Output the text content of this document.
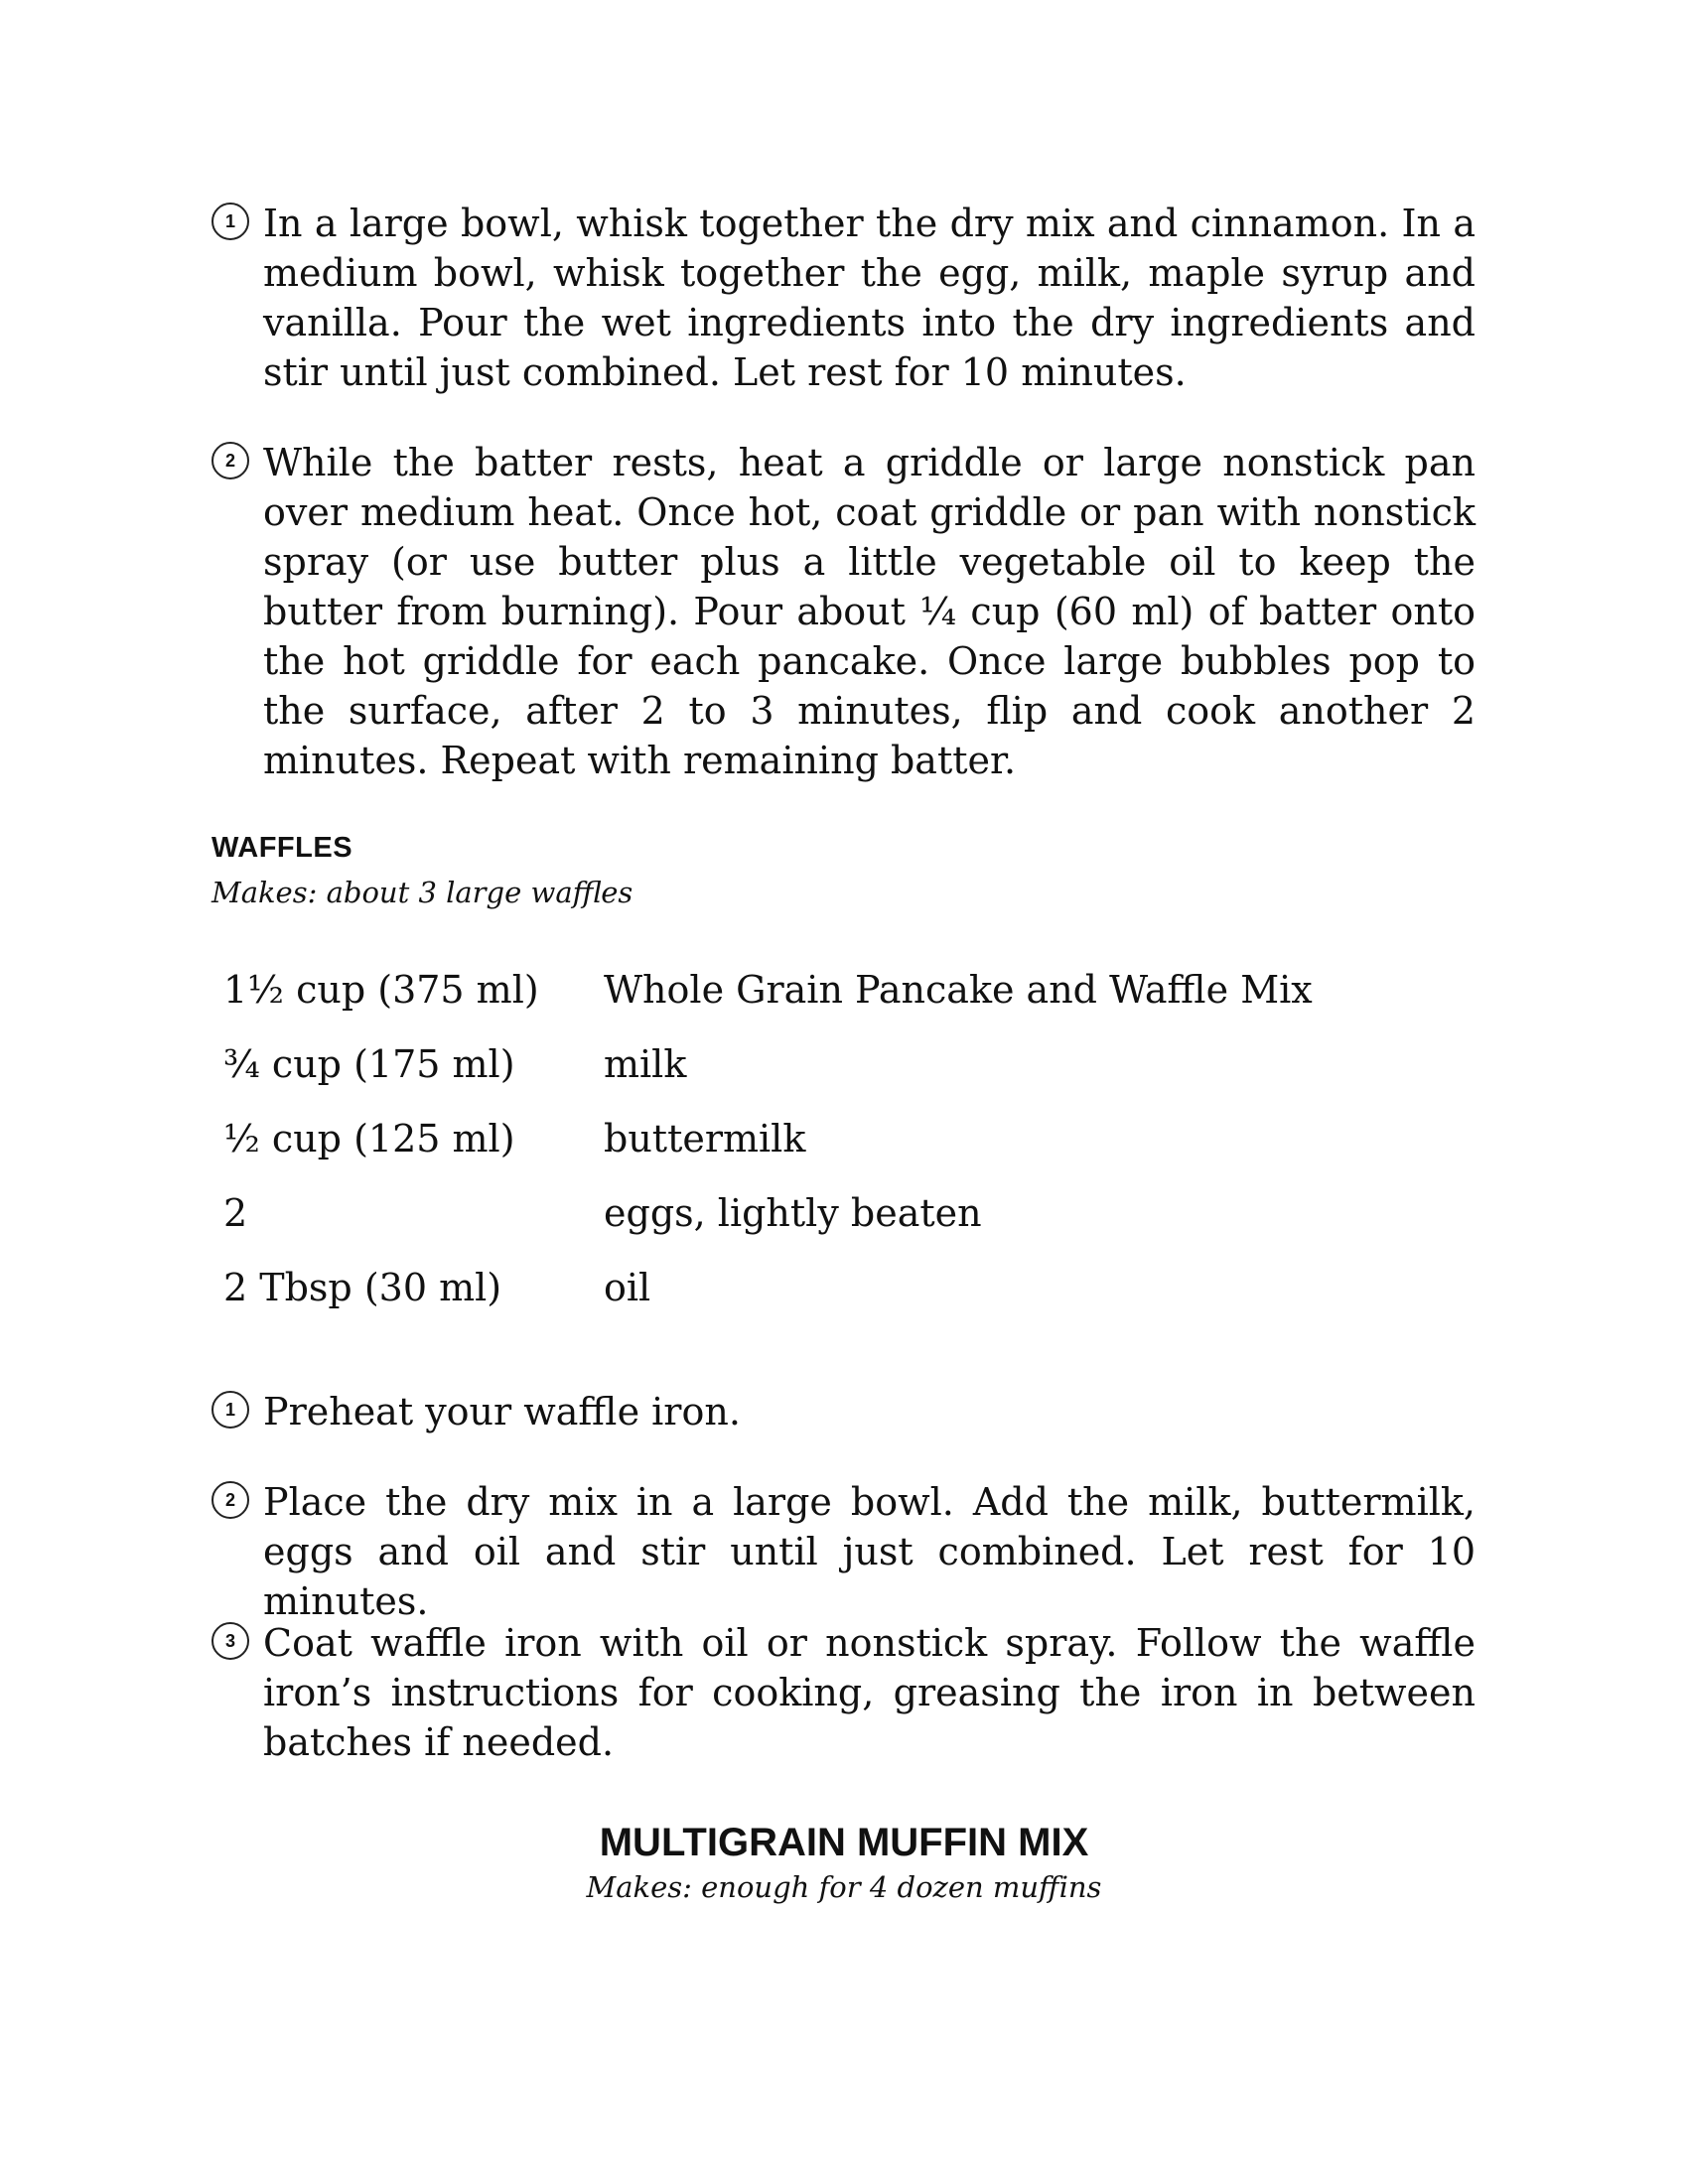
1 In a large bowl, whisk together the dry mix and cinnamon. In a medium bowl, whisk together the egg, milk, maple syrup and vanilla. Pour the wet ingredients into the dry ingredients and stir until just combined. Let rest for 10 minutes.
2 While the batter rests, heat a griddle or large nonstick pan over medium heat. Once hot, coat griddle or pan with nonstick spray (or use butter plus a little vegetable oil to keep the butter from burning). Pour about ¼ cup (60 ml) of batter onto the hot griddle for each pancake. Once large bubbles pop to the surface, after 2 to 3 minutes, flip and cook another 2 minutes. Repeat with remaining batter.
WAFFLES
Makes: about 3 large waffles
1½ cup (375 ml) Whole Grain Pancake and Waffle Mix
¾ cup (175 ml) milk
½ cup (125 ml) buttermilk
2	eggs, lightly beaten
2 Tbsp (30 ml)	oil
1 Preheat your waffle iron.
2 Place the dry mix in a large bowl. Add the milk, buttermilk, eggs and oil and stir until just combined. Let rest for 10 minutes.
3 Coat waffle iron with oil or nonstick spray. Follow the waffle iron’s instructions for cooking, greasing the iron in between batches if needed.
MULTIGRAIN MUFFIN MIX
Makes: enough for 4 dozen muffins
